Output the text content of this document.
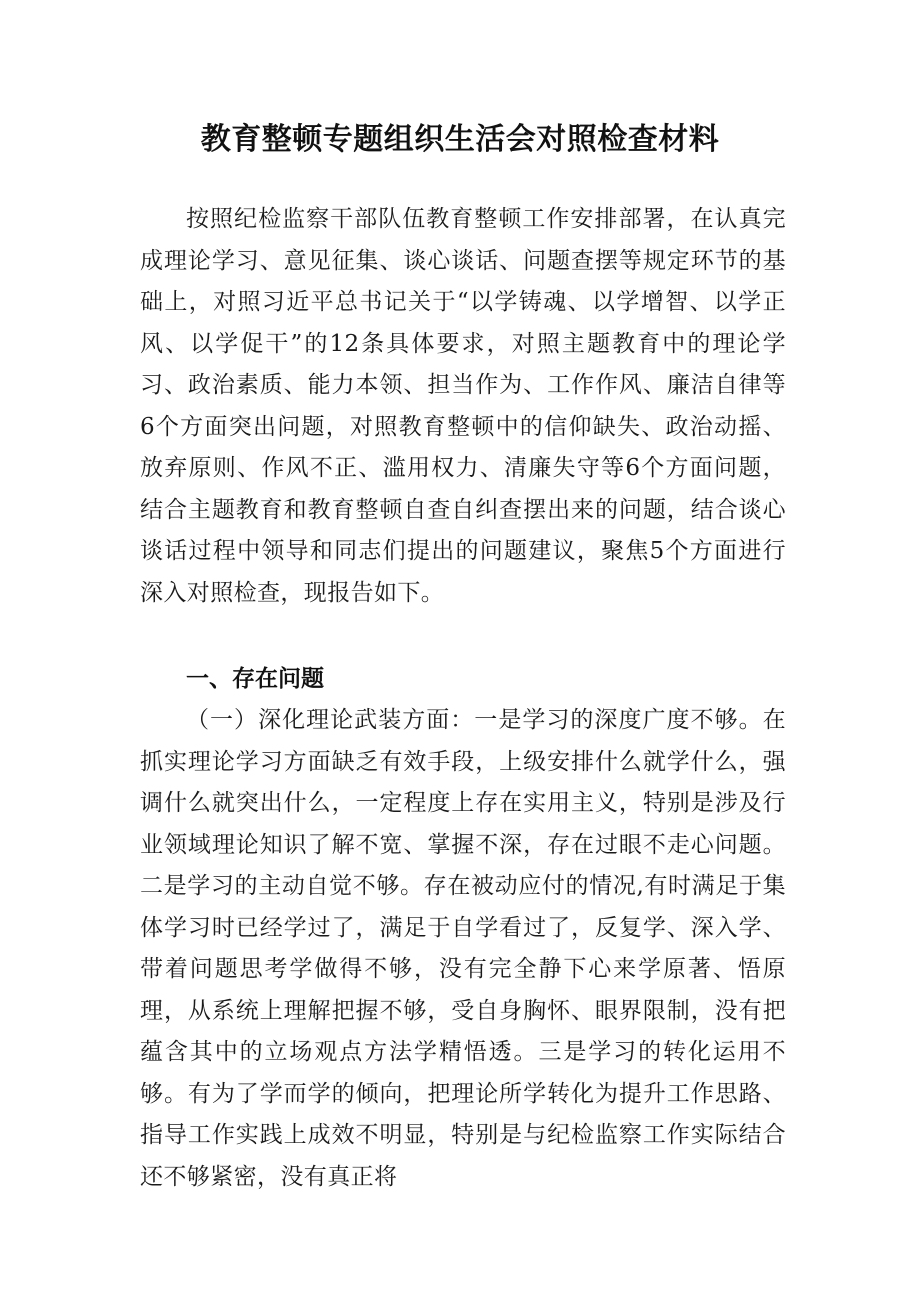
教育整顿专题组织生活会对照检查材料

按照纪检监察干部队伍教育整顿工作安排部署，在认真完成理论学习、意见征集、谈心谈话、问题查摆等规定环节的基础上，对照习近平总书记关于“以学铸魂、以学增智、以学正风、以学促干”的12条具体要求，对照主题教育中的理论学习、政治素质、能力本领、担当作为、工作作风、廉洁自律等6个方面突出问题，对照教育整顿中的信仰缺失、政治动摇、放弃原则、作风不正、滥用权力、清廉失守等6个方面问题，结合主题教育和教育整顿自查自纠查摆出来的问题，结合谈心谈话过程中领导和同志们提出的问题建议，聚焦5个方面进行深入对照检查，现报告如下。

一、存在问题

（一）深化理论武装方面：一是学习的深度广度不够。在抓实理论学习方面缺乏有效手段，上级安排什么就学什么，强调什么就突出什么，一定程度上存在实用主义，特别是涉及行业领域理论知识了解不宽、掌握不深，存在过眼不走心问题。二是学习的主动自觉不够。存在被动应付的情况,有时满足于集体学习时已经学过了，满足于自学看过了，反复学、深入学、带着问题思考学做得不够，没有完全静下心来学原著、悟原理，从系统上理解把握不够，受自身胸怀、眼界限制，没有把蕴含其中的立场观点方法学精悟透。三是学习的转化运用不够。有为了学而学的倾向，把理论所学转化为提升工作思路、指导工作实践上成效不明显，特别是与纪检监察工作实际结合还不够紧密，没有真正将
